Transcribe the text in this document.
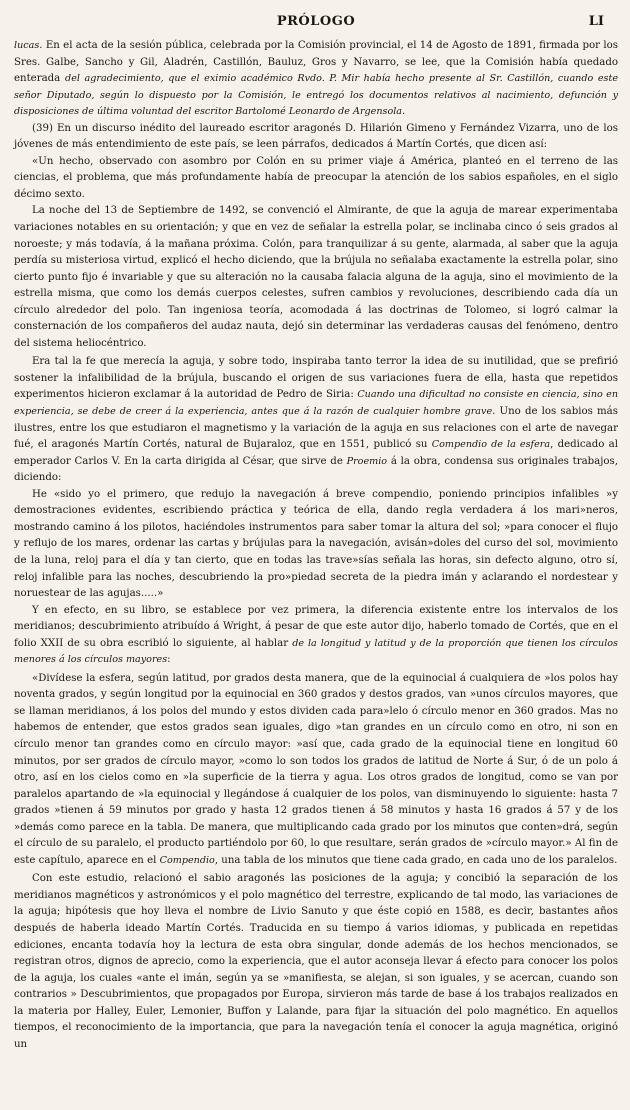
PRÓLOGO	LI

lucas. En el acta de la sesión pública, celebrada por la Comisión provincial, el 14 de Agosto de 1891, firmada por los Sres. Galbe, Sancho y Gil, Aladrén, Castillón, Bauluz, Gros y Navarro, se lee, que la Comisión había quedado enterada del agradecimiento, que el eximio académico Rvdo. P. Mir había hecho presente al Sr. Castillón, cuando este señor Diputado, según lo dispuesto por la Comisión, le entregó los documentos relativos al nacimiento, defunción y disposiciones de última voluntad del escritor Bartolomé Leonardo de Argensola.

(39) En un discurso inédito del laureado escritor aragonés D. Hilarión Gimeno y Fernández Vizarra, uno de los jóvenes de más entendimiento de este país, se leen párrafos, dedicados á Martín Cortés, que dicen así:

«Un hecho, observado con asombro por Colón en su primer viaje á América, planteó en el terreno de las ciencias, el problema, que más profundamente había de preocupar la atención de los sabios españoles, en el siglo décimo sexto.

La noche del 13 de Septiembre de 1492, se convenció el Almirante, de que la aguja de marear experimentaba variaciones notables en su orientación; y que en vez de señalar la estrella polar, se inclinaba cinco ó seis grados al noroeste; y más todavía, á la mañana próxima. Colón, para tranquilizar á su gente, alarmada, al saber que la aguja perdía su misteriosa virtud, explicó el hecho diciendo, que la brújula no señalaba exactamente la estrella polar, sino cierto punto fijo é invariable y que su alteración no la causaba falacia alguna de la aguja, sino el movimiento de la estrella misma, que como los demás cuerpos celestes, sufren cambios y revoluciones, describiendo cada día un círculo alrededor del polo. Tan ingeniosa teoría, acomodada á las doctrinas de Tolomeo, si logró calmar la consternación de los compañeros del audaz nauta, dejó sin determinar las verdaderas causas del fenómeno, dentro del sistema heliocéntrico.

Era tal la fe que merecía la aguja, y sobre todo, inspiraba tanto terror la idea de su inutilidad, que se prefirió sostener la infalibilidad de la brújula, buscando el origen de sus variaciones fuera de ella, hasta que repetidos experimentos hicieron exclamar á la autoridad de Pedro de Siria: Cuando una dificultad no consiste en ciencia, sino en experiencia, se debe de creer á la experiencia, antes que á la razón de cualquier hombre grave. Uno de los sabios más ilustres, entre los que estudiaron el magnetismo y la variación de la aguja en sus relaciones con el arte de navegar fué, el aragonés Martín Cortés, natural de Bujaraloz, que en 1551, publicó su Compendio de la esfera, dedicado al emperador Carlos V. En la carta dirigida al César, que sirve de Proemio á la obra, condensa sus originales trabajos, diciendo:

He «sido yo el primero, que redujo la navegación á breve compendio, poniendo principios infalibles »y demostraciones evidentes, escribiendo práctica y teórica de ella, dando regla verdadera á los mari»neros, mostrando camino á los pilotos, haciéndoles instrumentos para saber tomar la altura del sol; »para conocer el flujo y reflujo de los mares, ordenar las cartas y brújulas para la navegación, avisán»doles del curso del sol, movimiento de la luna, reloj para el día y tan cierto, que en todas las trave»sías señala las horas, sin defecto alguno, otro sí, reloj infalible para las noches, descubriendo la pro»piedad secreta de la piedra imán y aclarando el nordestear y noruestear de las agujas.....»

Y en efecto, en su libro, se establece por vez primera, la diferencia existente entre los intervalos de los meridianos; descubrimiento atribuído á Wright, á pesar de que este autor dijo, haberlo tomado de Cortés, que en el folio XXII de su obra escribió lo siguiente, al hablar de la longitud y latitud y de la proporción que tienen los círculos menores á los círculos mayores:

«Divídese la esfera, según latitud, por grados desta manera, que de la equinocial á cualquiera de »los polos hay noventa grados, y según longitud por la equinocial en 360 grados y destos grados, van »unos círculos mayores, que se llaman meridianos, á los polos del mundo y estos dividen cada para»lelo ó círculo menor en 360 grados. Mas no habemos de entender, que estos grados sean iguales, digo »tan grandes en un círculo como en otro, ni son en círculo menor tan grandes como en círculo mayor: »así que, cada grado de la equinocial tiene en longitud 60 minutos, por ser grados de círculo mayor, »como lo son todos los grados de latitud de Norte á Sur, ó de un polo á otro, así en los cielos como en »la superficie de la tierra y agua. Los otros grados de longitud, como se van por paralelos apartando de »la equinocial y llegándose á cualquier de los polos, van disminuyendo lo siguiente: hasta 7 grados »tienen á 59 minutos por grado y hasta 12 grados tienen á 58 minutos y hasta 16 grados á 57 y de los »demás como parece en la tabla. De manera, que multiplicando cada grado por los minutos que conten»drá, según el círculo de su paralelo, el producto partiéndolo por 60, lo que resultare, serán grados de »círculo mayor.» Al fin de este capítulo, aparece en el Compendio, una tabla de los minutos que tiene cada grado, en cada uno de los paralelos.

Con este estudio, relacionó el sabio aragonés las posiciones de la aguja; y concibió la separación de los meridianos magnéticos y astronómicos y el polo magnético del terrestre, explicando de tal modo, las variaciones de la aguja; hipótesis que hoy lleva el nombre de Livio Sanuto y que éste copió en 1588, es decir, bastantes años después de haberla ideado Martín Cortés. Traducida en su tiempo á varios idiomas, y publicada en repetidas ediciones, encanta todavía hoy la lectura de esta obra singular, donde además de los hechos mencionados, se registran otros, dignos de aprecio, como la experiencia, que el autor aconseja llevar á efecto para conocer los polos de la aguja, los cuales «ante el imán, según ya se »manifiesta, se alejan, si son iguales, y se acercan, cuando son contrarios » Descubrimientos, que propagados por Europa, sirvieron más tarde de base á los trabajos realizados en la materia por Halley, Euler, Lemonier, Buffon y Lalande, para fijar la situación del polo magnético. En aquellos tiempos, el reconocimiento de la importancia, que para la navegación tenía el conocer la aguja magnética, originó un
